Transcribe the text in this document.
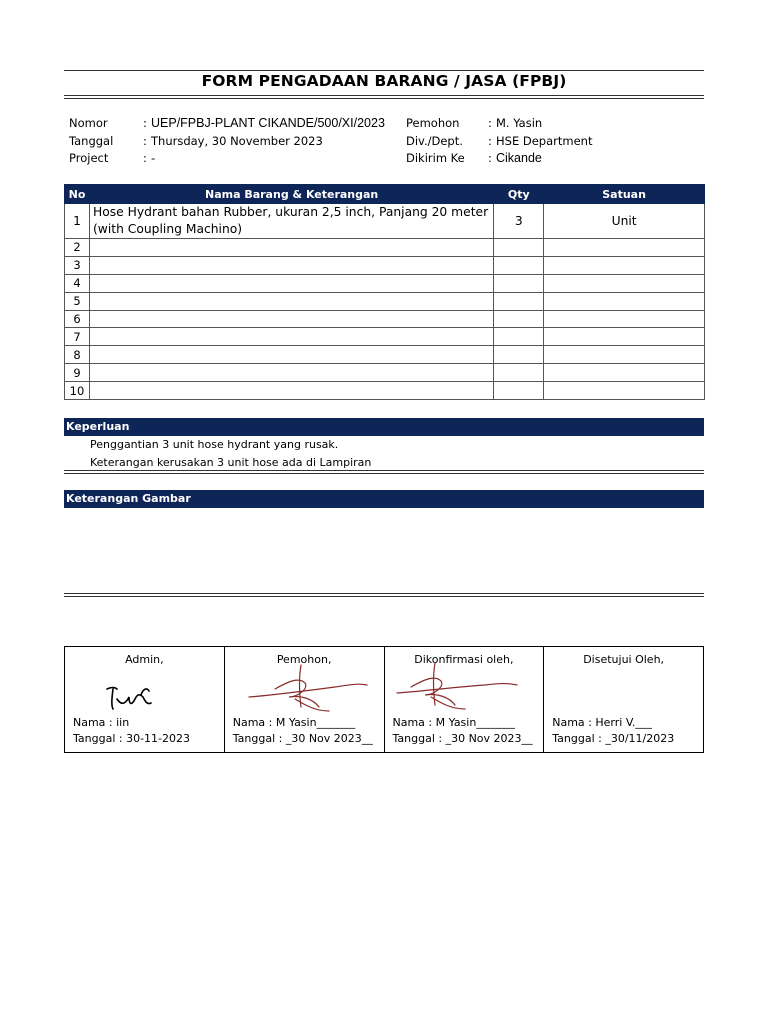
FORM PENGADAAN BARANG / JASA (FPBJ)
Nomor	: UEP/FPBJ-PLANT CIKANDE/500/XI/2023
Tanggal	: Thursday, 30 November 2023
Project	: -
Pemohon	: M. Yasin
Div./Dept.	: HSE Department
Dikirim Ke	: Cikande
No	Nama Barang & Keterangan	Qty	Satuan
1	Hose Hydrant bahan Rubber, ukuran 2,5 inch, Panjang 20 meter (with Coupling Machino)	3	Unit
2			
3			
4			
5			
6			
7			
8			
9			
10			
Keperluan
Penggantian 3 unit hose hydrant yang rusak.
Keterangan kerusakan 3 unit hose ada di Lampiran
Keterangan Gambar
Admin,
Nama : iin
Tanggal : 30-11-2023

Pemohon,
Nama : M Yasin_______
Tanggal : _30 Nov 2023__

Dikonfirmasi oleh,
Nama : M Yasin_______
Tanggal : _30 Nov 2023__

Disetujui Oleh,
Nama : Herri V.___
Tanggal : _30/11/2023
